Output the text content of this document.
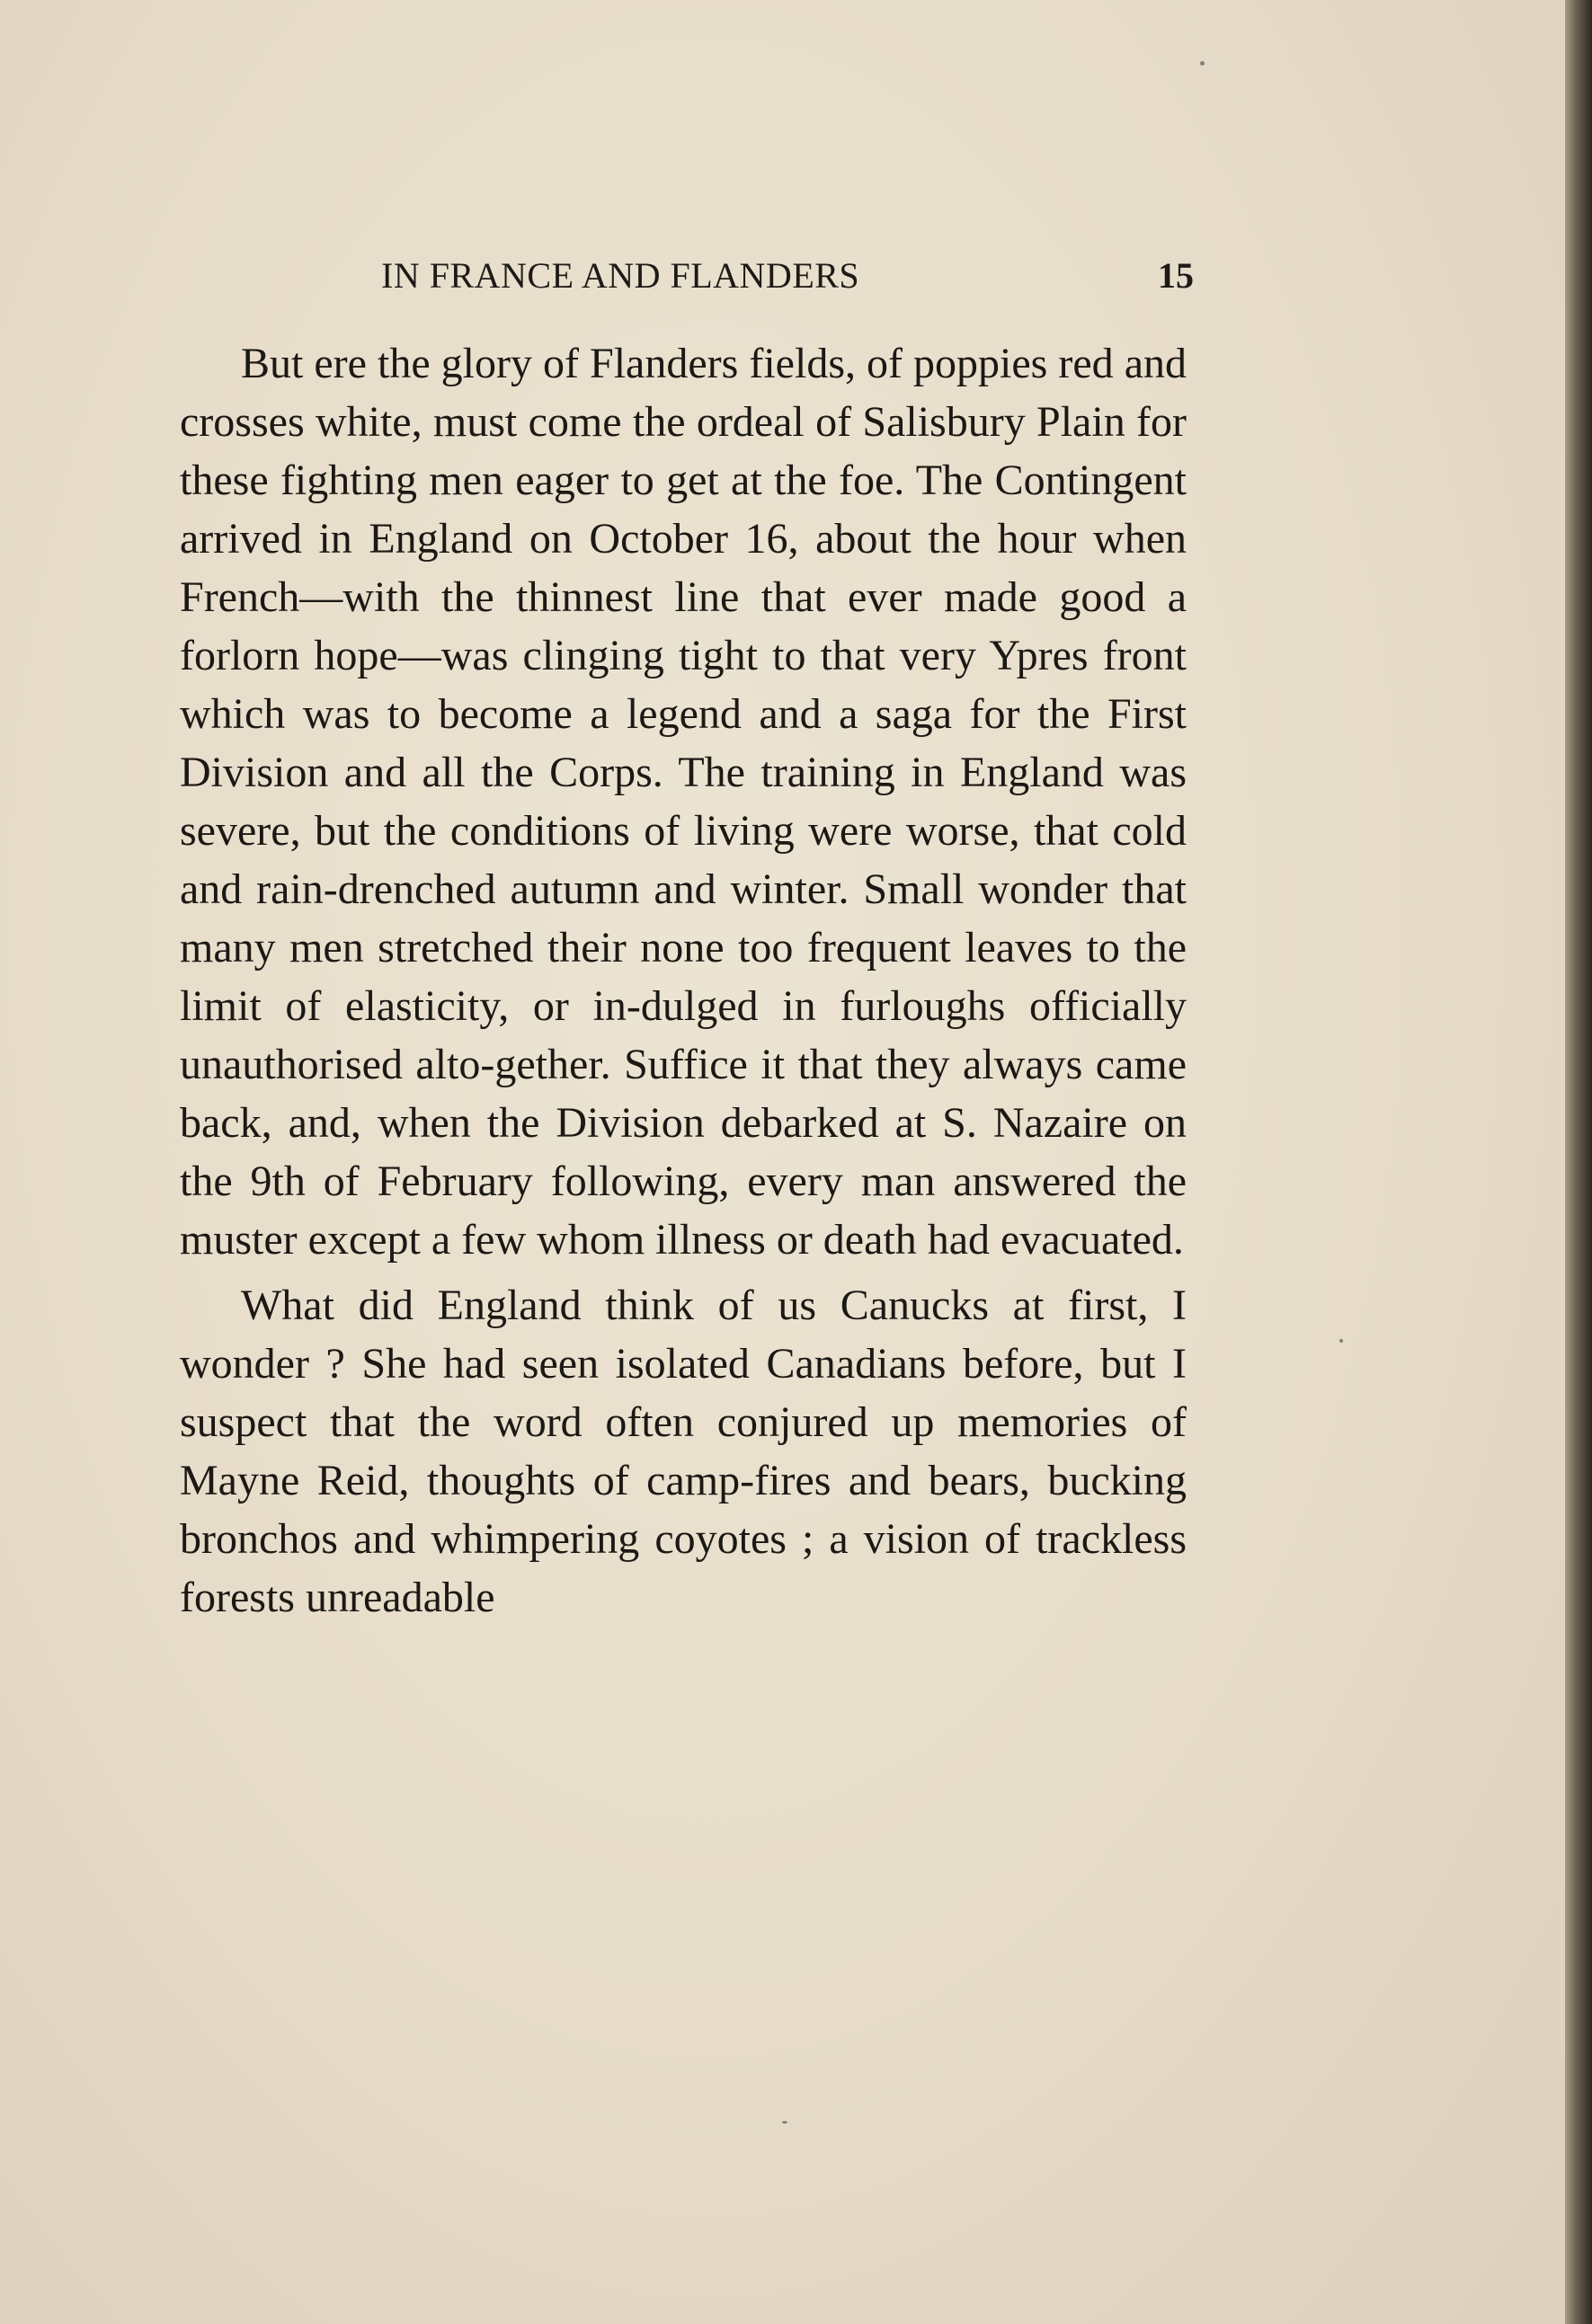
IN FRANCE AND FLANDERS	15

But ere the glory of Flanders fields, of poppies red and crosses white, must come the ordeal of Salisbury Plain for these fighting men eager to get at the foe. The Contingent arrived in England on October 16, about the hour when French—with the thinnest line that ever made good a forlorn hope—was clinging tight to that very Ypres front which was to become a legend and a saga for the First Division and all the Corps. The training in England was severe, but the conditions of living were worse, that cold and rain-drenched autumn and winter. Small wonder that many men stretched their none too frequent leaves to the limit of elasticity, or in-dulged in furloughs officially unauthorised alto-gether. Suffice it that they always came back, and, when the Division debarked at S. Nazaire on the 9th of February following, every man answered the muster except a few whom illness or death had evacuated.

What did England think of us Canucks at first, I wonder ? She had seen isolated Canadians before, but I suspect that the word often conjured up memories of Mayne Reid, thoughts of camp-fires and bears, bucking bronchos and whimpering coyotes ; a vision of trackless forests unreadable
